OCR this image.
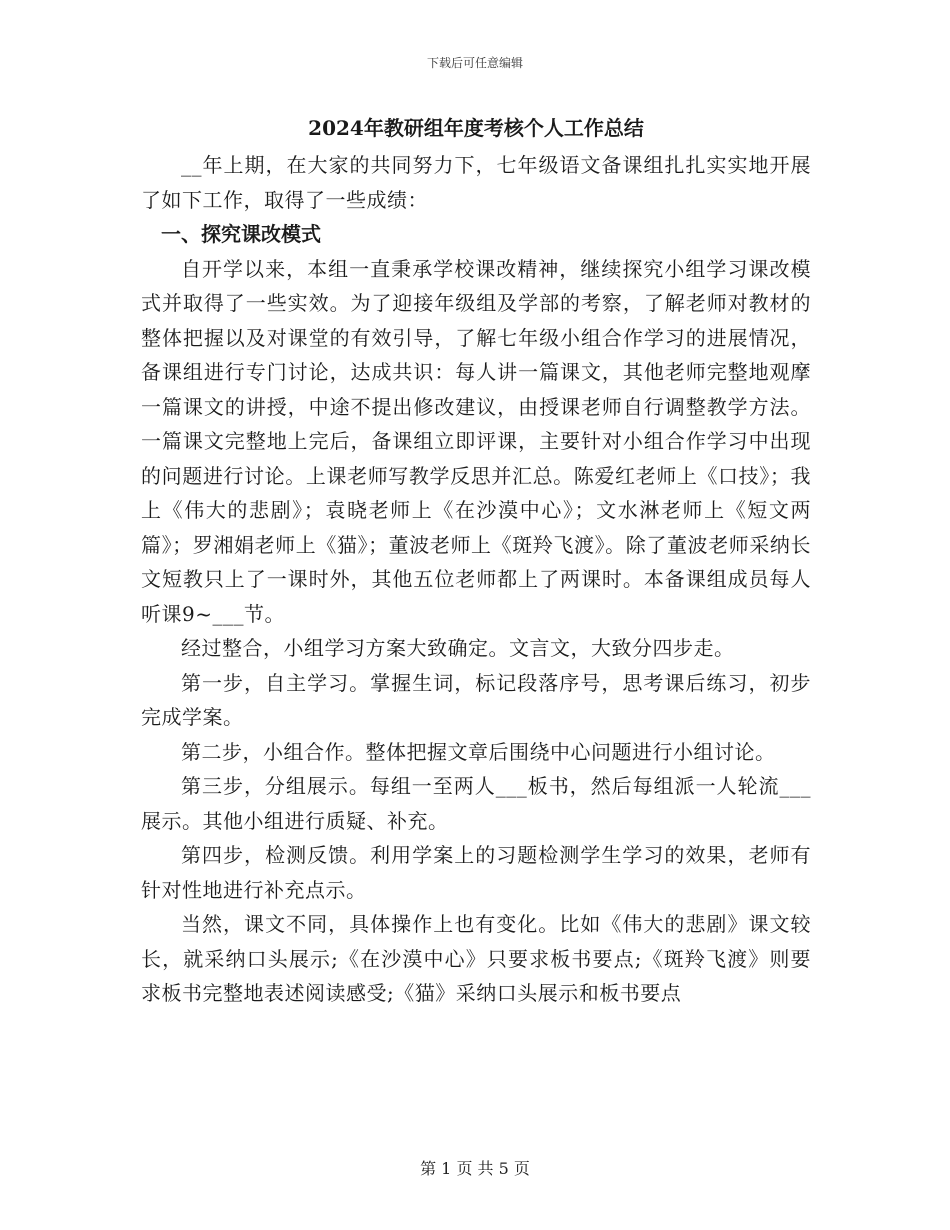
下载后可任意编辑
2024年教研组年度考核个人工作总结

__年上期，在大家的共同努力下，七年级语文备课组扎扎实实地开展了如下工作，取得了一些成绩：

一、探究课改模式

自开学以来，本组一直秉承学校课改精神，继续探究小组学习课改模式并取得了一些实效。为了迎接年级组及学部的考察，了解老师对教材的整体把握以及对课堂的有效引导，了解七年级小组合作学习的进展情况，备课组进行专门讨论，达成共识：每人讲一篇课文，其他老师完整地观摩一篇课文的讲授，中途不提出修改建议，由授课老师自行调整教学方法。一篇课文完整地上完后，备课组立即评课，主要针对小组合作学习中出现的问题进行讨论。上课老师写教学反思并汇总。陈爱红老师上《口技》；我上《伟大的悲剧》；袁晓老师上《在沙漠中心》；文水淋老师上《短文两篇》；罗湘娟老师上《猫》；董波老师上《斑羚飞渡》。除了董波老师采纳长文短教只上了一课时外，其他五位老师都上了两课时。本备课组成员每人听课9~___节。

经过整合，小组学习方案大致确定。文言文，大致分四步走。

第一步，自主学习。掌握生词，标记段落序号，思考课后练习，初步完成学案。

第二步，小组合作。整体把握文章后围绕中心问题进行小组讨论。

第三步，分组展示。每组一至两人___板书，然后每组派一人轮流___展示。其他小组进行质疑、补充。

第四步，检测反馈。利用学案上的习题检测学生学习的效果，老师有针对性地进行补充点示。

当然，课文不同，具体操作上也有变化。比如《伟大的悲剧》课文较长，就采纳口头展示;《在沙漠中心》只要求板书要点;《斑羚飞渡》则要求板书完整地表述阅读感受;《猫》采纳口头展示和板书要点

第 1 页 共 5 页
